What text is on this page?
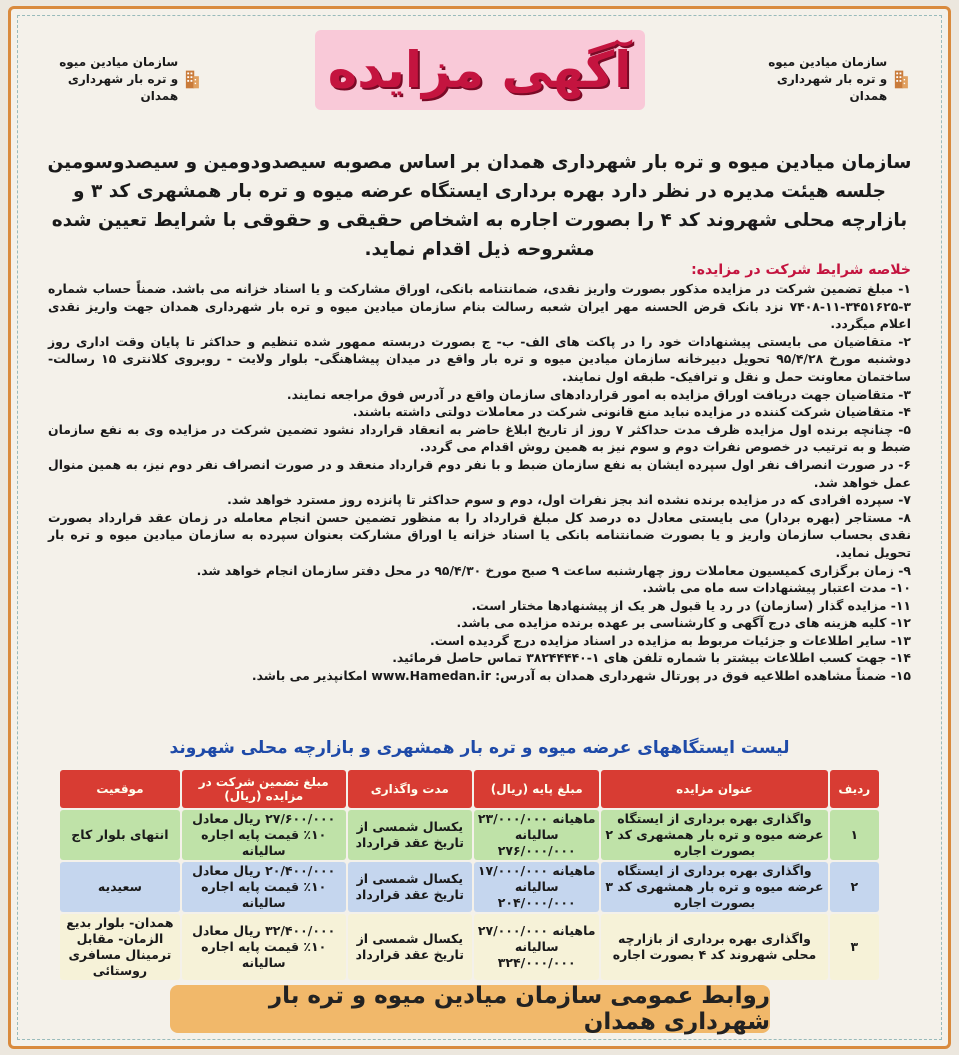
سازمان میادین میوه و تره بار شهرداری همدان
آگهی مزایده
سازمان میادین میوه و تره بار شهرداری همدان
سازمان میادین میوه و تره بار شهرداری همدان بر اساس مصوبه سیصدودومین و سیصدوسومین جلسه هیئت مدیره در نظر دارد بهره برداری ایستگاه عرضه میوه و تره بار همشهری کد ۳ و بازارچه محلی شهروند کد ۴ را بصورت اجاره به اشخاص حقیقی و حقوقی با شرایط تعیین شده مشروحه ذیل اقدام نماید.
خلاصه شرایط شرکت در مزایده:

۱- مبلغ تضمین شرکت در مزایده مذکور بصورت واریز نقدی، ضمانتنامه بانکی، اوراق مشارکت و یا اسناد خزانه می باشد. ضمناً حساب شماره ۳-۳۴۵۱۶۲۵-۱۱-۷۴۰۸ نزد بانک قرض الحسنه مهر ایران شعبه رسالت بنام سازمان میادین میوه و تره بار شهرداری همدان جهت واریز نقدی اعلام میگردد.

۲- متقاضیان می بایستی پیشنهادات خود را در پاکت های الف- ب- ج بصورت دربسته ممهور شده تنظیم و حداکثر تا پایان وقت اداری روز دوشنبه مورخ ۹۵/۴/۲۸ تحویل دبیرخانه سازمان میادین میوه و تره بار واقع در میدان پیشاهنگی- بلوار ولایت - روبروی کلانتری ۱۵ رسالت- ساختمان معاونت حمل و نقل و ترافیک- طبقه اول نمایند.

۳- متقاضیان جهت دریافت اوراق مزایده به امور قراردادهای سازمان واقع در آدرس فوق مراجعه نمایند.

۴- متقاضیان شرکت کننده در مزایده نباید منع قانونی شرکت در معاملات دولتی داشته باشند.

۵- چنانچه برنده اول مزایده ظرف مدت حداکثر ۷ روز از تاریخ ابلاغ حاضر به انعقاد قرارداد نشود تضمین شرکت در مزایده وی به نفع سازمان ضبط و به ترتیب در خصوص نفرات دوم و سوم نیز به همین روش اقدام می گردد.

۶- در صورت انصراف نفر اول سپرده ایشان به نفع سازمان ضبط و با نفر دوم قرارداد منعقد و در صورت انصراف نفر دوم نیز، به همین منوال عمل خواهد شد.

۷- سپرده افرادی که در مزایده برنده نشده اند بجز نفرات اول، دوم و سوم حداکثر تا پانزده روز مسترد خواهد شد.

۸- مستاجر (بهره بردار) می بایستی معادل ده درصد کل مبلغ قرارداد را به منظور تضمین حسن انجام معامله در زمان عقد قرارداد بصورت نقدی بحساب سازمان واریز و یا بصورت ضمانتنامه بانکی یا اسناد خزانه یا اوراق مشارکت بعنوان سپرده به سازمان میادین میوه و تره بار تحویل نماید.

۹- زمان برگزاری کمیسیون معاملات روز چهارشنبه ساعت ۹ صبح مورخ ۹۵/۴/۳۰ در محل دفتر سازمان انجام خواهد شد.

۱۰- مدت اعتبار پیشنهادات سه ماه می باشد.

۱۱- مزایده گذار (سازمان) در رد یا قبول هر یک از پیشنهادها مختار است.

۱۲- کلیه هزینه های درج آگهی و کارشناسی بر عهده برنده مزایده می باشد.

۱۳- سایر اطلاعات و جزئیات مربوط به مزایده در اسناد مزایده درج گردیده است.

۱۴- جهت کسب اطلاعات بیشتر با شماره تلفن های ۱-۳۸۲۴۴۴۴۰ تماس حاصل فرمائید.

۱۵- ضمناً مشاهده اطلاعیه فوق در پورتال شهرداری همدان به آدرس: www.Hamedan.ir امکانپذیر می باشد.

لیست ایستگاههای عرضه میوه و تره بار همشهری و بازارچه محلی شهروند
ردیف	عنوان مزایده	مبلغ پایه (ریال)	مدت واگذاری	مبلغ تضمین شرکت در مزایده (ریال)	موقعیت
۱	واگذاری بهره برداری از ایستگاه عرضه میوه و تره بار همشهری کد ۲ بصورت اجاره	ماهیانه ۲۳/۰۰۰/۰۰۰ سالیانه ۲۷۶/۰۰۰/۰۰۰	یکسال شمسی از تاریخ عقد قرارداد	۲۷/۶۰۰/۰۰۰ ریال معادل ۱۰٪ قیمت پایه اجاره سالیانه	انتهای بلوار کاج
۲	واگذاری بهره برداری از ایستگاه عرضه میوه و تره بار همشهری کد ۳ بصورت اجاره	ماهیانه ۱۷/۰۰۰/۰۰۰ سالیانه ۲۰۴/۰۰۰/۰۰۰	یکسال شمسی از تاریخ عقد قرارداد	۲۰/۴۰۰/۰۰۰ ریال معادل ۱۰٪ قیمت پایه اجاره سالیانه	سعیدیه
۳	واگذاری بهره برداری از بازارچه محلی شهروند کد ۴ بصورت اجاره	ماهیانه ۲۷/۰۰۰/۰۰۰ سالیانه ۳۲۴/۰۰۰/۰۰۰	یکسال شمسی از تاریخ عقد قرارداد	۳۲/۴۰۰/۰۰۰ ریال معادل ۱۰٪ قیمت پایه اجاره سالیانه	همدان- بلوار بدیع الزمان- مقابل ترمینال مسافری روستائی
روابط عمومی سازمان میادین میوه و تره بار شهرداری همدان
